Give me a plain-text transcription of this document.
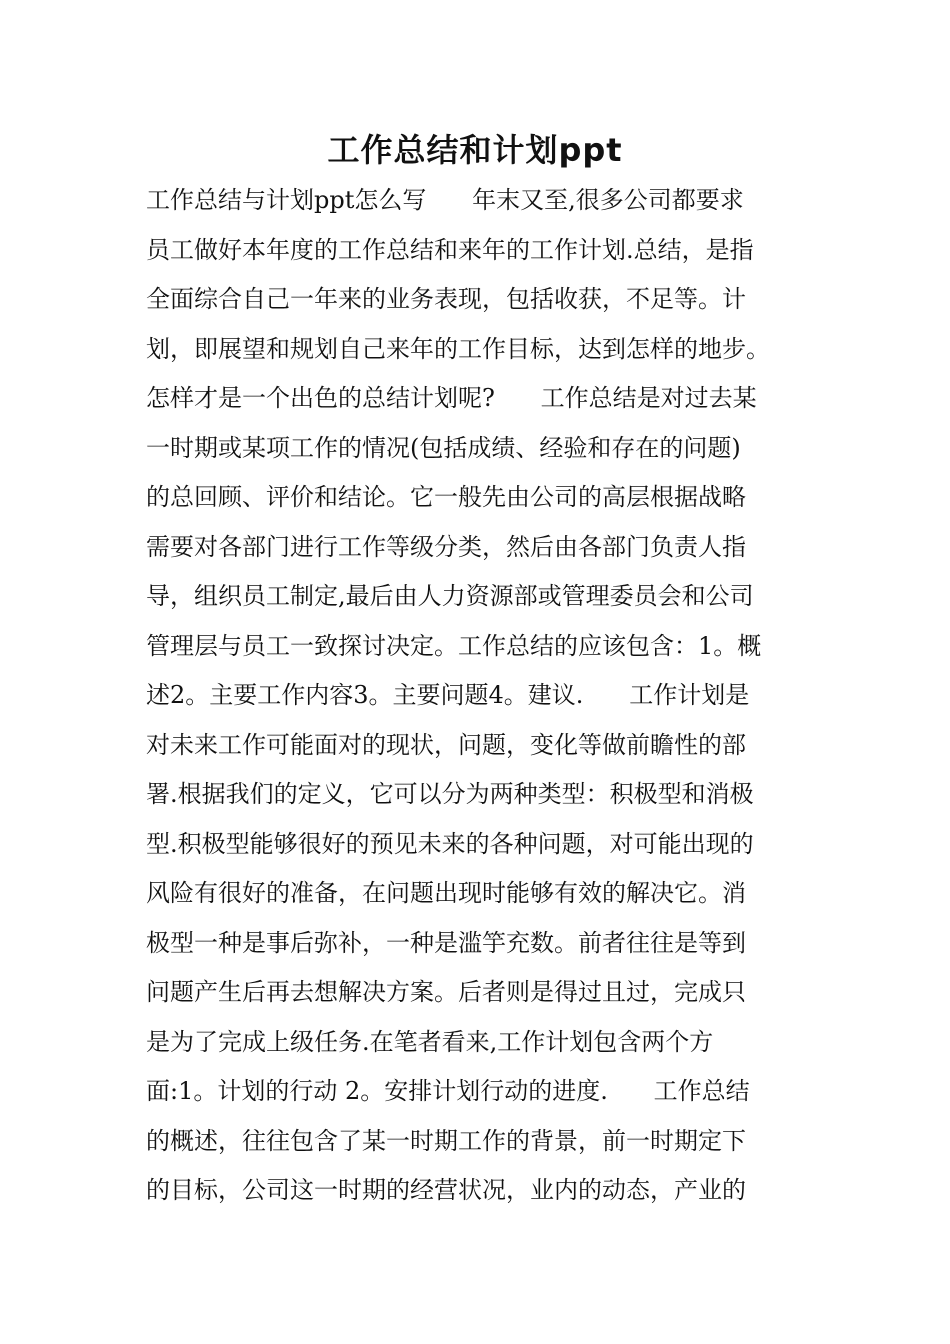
工作总结和计划ppt
工作总结与计划ppt怎么写      年末又至,很多公司都要求
员工做好本年度的工作总结和来年的工作计划.总结，是指
全面综合自己一年来的业务表现，包括收获，不足等。计
划，即展望和规划自己来年的工作目标，达到怎样的地步。
怎样才是一个出色的总结计划呢?      工作总结是对过去某
一时期或某项工作的情况(包括成绩、经验和存在的问题)
的总回顾、评价和结论。它一般先由公司的高层根据战略
需要对各部门进行工作等级分类，然后由各部门负责人指
导，组织员工制定,最后由人力资源部或管理委员会和公司
管理层与员工一致探讨决定。工作总结的应该包含：1。概
述2。主要工作内容3。主要问题4。建议.      工作计划是
对未来工作可能面对的现状，问题，变化等做前瞻性的部
署.根据我们的定义，它可以分为两种类型：积极型和消极
型.积极型能够很好的预见未来的各种问题，对可能出现的
风险有很好的准备，在问题出现时能够有效的解决它。消
极型一种是事后弥补，一种是滥竽充数。前者往往是等到
问题产生后再去想解决方案。后者则是得过且过，完成只
是为了完成上级任务.在笔者看来,工作计划包含两个方
面:1。计划的行动 2。安排计划行动的进度.      工作总结
的概述，往往包含了某一时期工作的背景，前一时期定下
的目标，公司这一时期的经营状况，业内的动态，产业的
